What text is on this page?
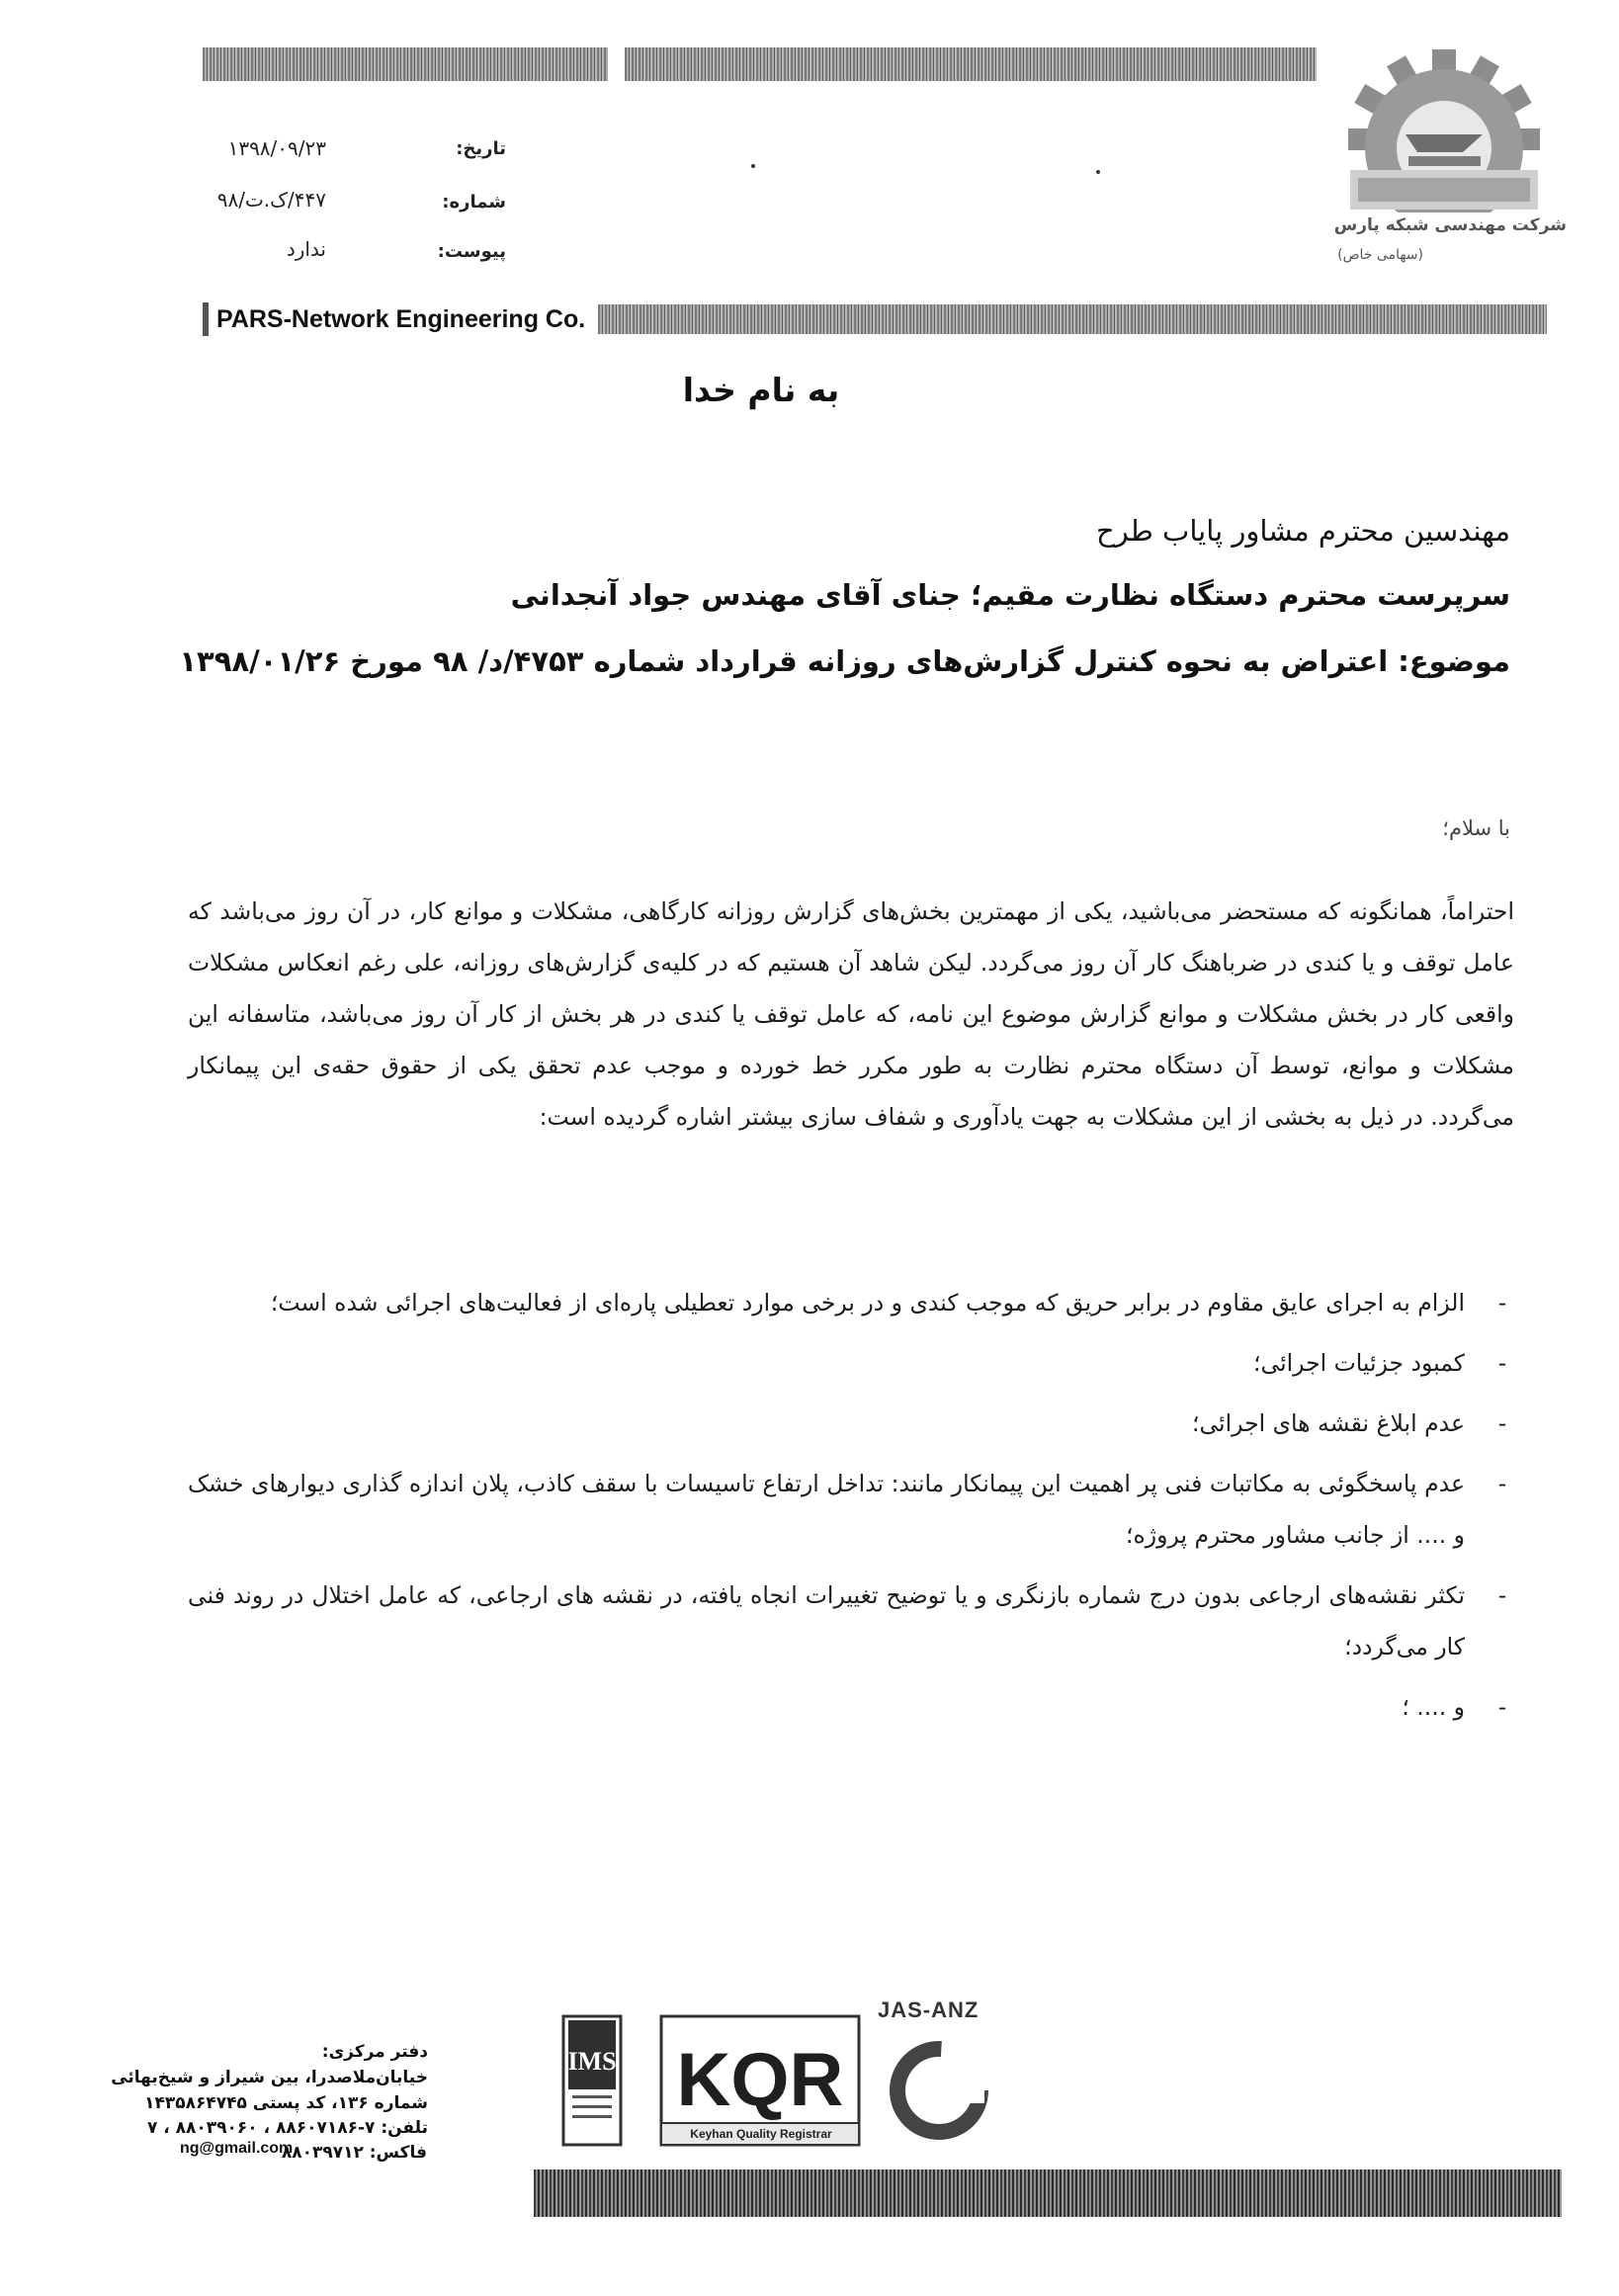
PARS-Network Engineering Co.
شرکت مهندسی شبکه پارس
(سهامی خاص)
تاریخ:
۱۳۹۸/۰۹/۲۳
شماره:
۴۴۷/ک.ت/۹۸
پیوست:
ندارد
به نام خدا
مهندسین محترم مشاور پایاب طرح
سرپرست محترم دستگاه نظارت مقیم؛ جنای آقای مهندس جواد آنجدانی
موضوع: اعتراض به نحوه کنترل گزارش‌های روزانه قرارداد شماره ۴۷۵۳/د/ ۹۸ مورخ ۱۳۹۸/۰۱/۲۶
با سلام؛
احتراماً، همانگونه که مستحضر می‌باشید، یکی از مهمترین بخش‌های گزارش روزانه کارگاهی، مشکلات و موانع کار، در آن روز می‌باشد که عامل توقف و یا کندی در ضرباهنگ کار آن روز می‌گردد. لیکن شاهد آن هستیم که در کلیه‌ی گزارش‌های روزانه، علی رغم انعکاس مشکلات واقعی کار در بخش مشکلات و موانع گزارش موضوع این نامه، که عامل توقف یا کندی در هر بخش از کار آن روز می‌باشد، متاسفانه این مشکلات و موانع، توسط آن دستگاه محترم نظارت به طور مکرر خط خورده و موجب عدم تحقق یکی از حقوق حقه‌ی این پیمانکار می‌گردد. در ذیل به بخشی از این مشکلات به جهت یادآوری و شفاف سازی بیشتر اشاره گردیده است:
-
الزام به اجرای عایق مقاوم در برابر حریق که موجب کندی و در برخی موارد تعطیلی پاره‌ای از فعالیت‌های اجرائی شده است؛
-
کمبود جزئیات اجرائی؛
-
عدم ابلاغ نقشه های اجرائی؛
-
عدم پاسخگوئی به مکاتبات فنی پر اهمیت این پیمانکار مانند: تداخل ارتفاع تاسیسات با سقف کاذب، پلان اندازه گذاری دیوارهای خشک و .... از جانب مشاور محترم پروژه؛
-
تکثر نقشه‌های ارجاعی بدون درج شماره بازنگری و یا توضیح تغییرات انجاه یافته، در نقشه های ارجاعی، که عامل اختلال در روند فنی کار می‌گردد؛
-
و .... ؛
دفتر مرکزی:
خیابان‌ملاصدرا، بین شیراز و شیخ‌بهائی
شماره ۱۳۶، کد پستی ۱۴۳۵۸۶۴۷۴۵
تلفن: ۷-۸۸۶۰۷۱۸۶ ، ۸۸۰۳۹۰۶۰ ، ۷
فاکس: ۸۸۰۳۹۷۱۲
ng@gmail.com
IMS KQR
JAS-ANZ
Keyhan Quality Registrar
